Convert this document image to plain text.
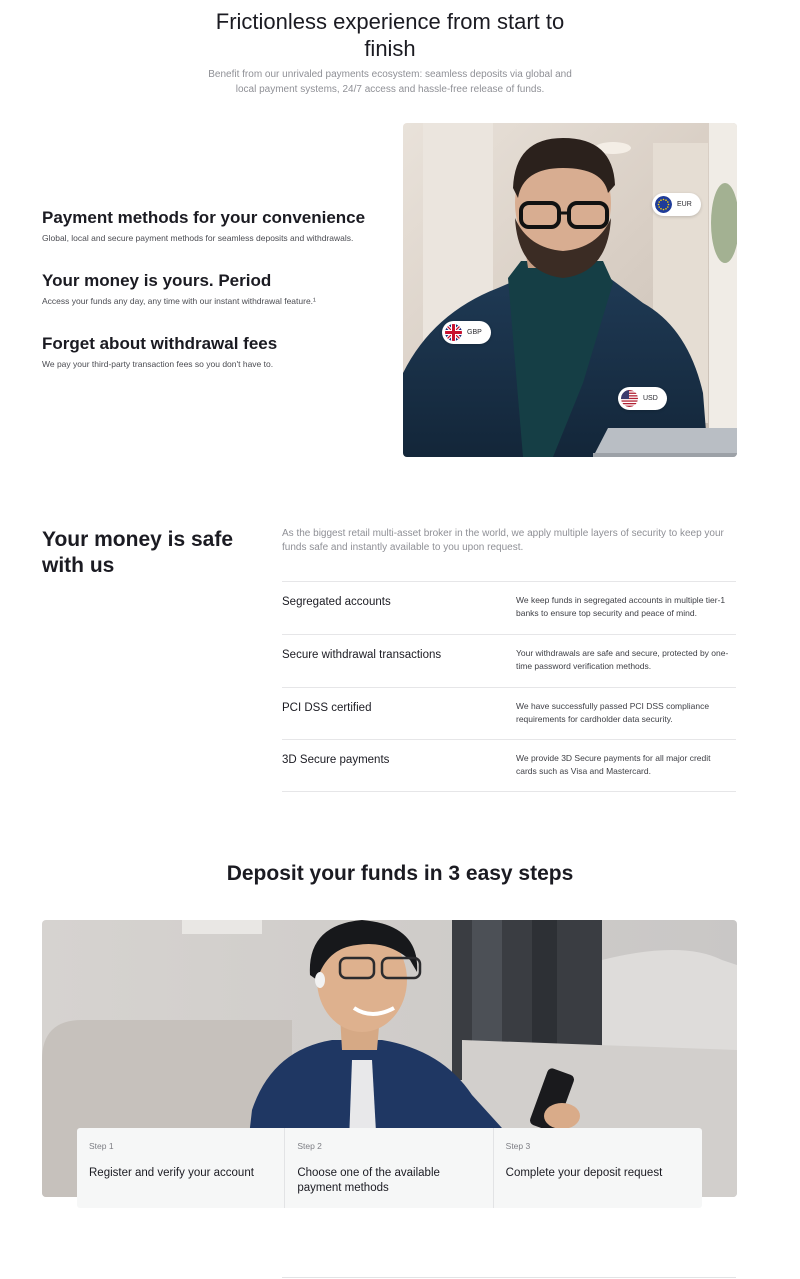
Frictionless experience from start to finish

Benefit from our unrivaled payments ecosystem: seamless deposits via global and local payment systems, 24/7 access and hassle-free release of funds.

Payment methods for your convenience

Global, local and secure payment methods for seamless deposits and withdrawals.

Your money is yours. Period

Access your funds any day, any time with our instant withdrawal feature.¹

Forget about withdrawal fees

We pay your third-party transaction fees so you don't have to.

EUR
GBP
USD
Your money is safe with us

As the biggest retail multi-asset broker in the world, we apply multiple layers of security to keep your funds safe and instantly available to you upon request.

Segregated accounts	We keep funds in segregated accounts in multiple tier-1 banks to ensure top security and peace of mind.
Secure withdrawal transactions	Your withdrawals are safe and secure, protected by one-time password verification methods.
PCI DSS certified	We have successfully passed PCI DSS compliance requirements for cardholder data security.
3D Secure payments	We provide 3D Secure payments for all major credit cards such as Visa and Mastercard.
Deposit your funds in 3 easy steps
Step 1
Register and verify your account
Step 2
Choose one of the available payment methods
Step 3
Complete your deposit request
